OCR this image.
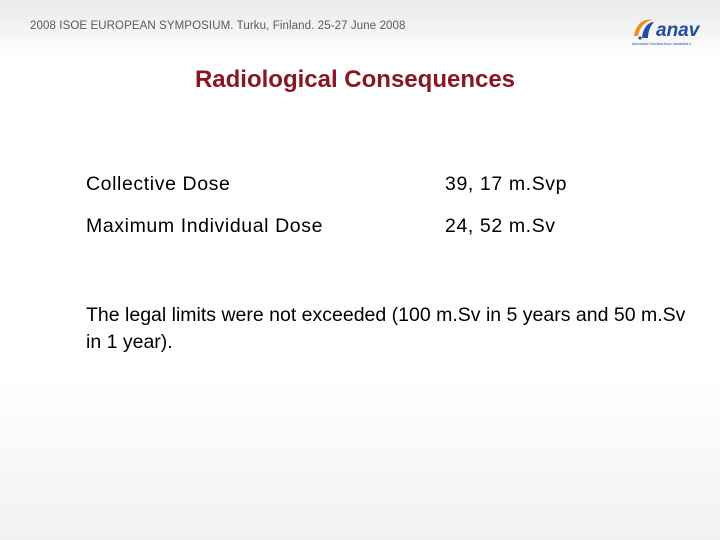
2008 ISOE EUROPEAN SYMPOSIUM. Turku, Finland. 25-27 June 2008	anav
Asociación Nuclear Ascó-Vandellós II
Radiological Consequences
Collective Dose	39, 17 m.Svp
Maximum Individual Dose	24, 52 m.Sv
The legal limits were not exceeded (100 m.Sv in 5 years and 50 m.Sv in 1 year).
